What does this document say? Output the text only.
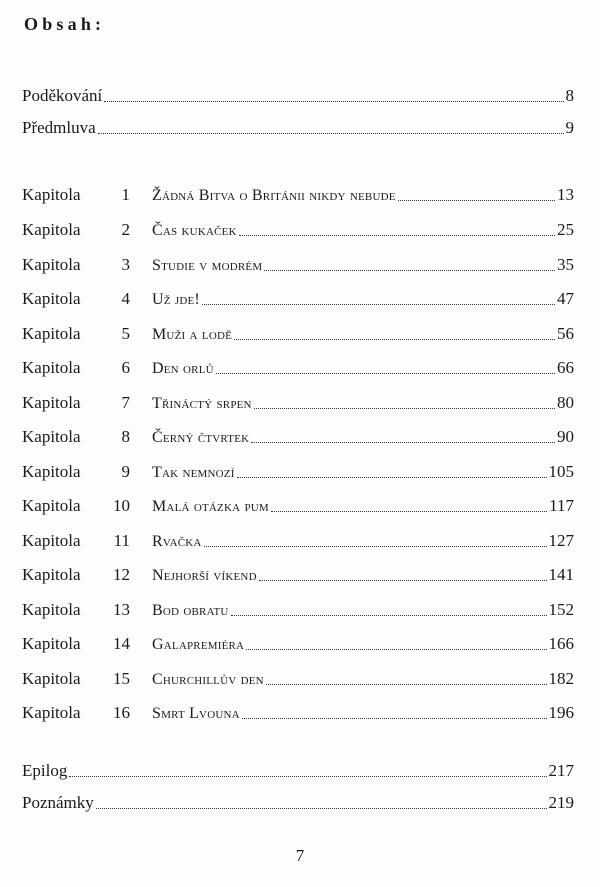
Obsah:
Poděkování	8
Předmluva	9
Kapitola 1 Žádná Bitva o Británii nikdy nebude	13
Kapitola 2 Čas kukaček	25
Kapitola 3 Studie v modrém	35
Kapitola 4 Už jde!	47
Kapitola 5 Muži a lodě	56
Kapitola 6 Den orlů	66
Kapitola 7 Třináctý srpen	80
Kapitola 8 Černý čtvrtek	90
Kapitola 9 Tak nemnozí	105
Kapitola 10 Malá otázka pum	117
Kapitola 11 Rvačka	127
Kapitola 12 Nejhorší víkend	141
Kapitola 13 Bod obratu	152
Kapitola 14 Galapremiéra	166
Kapitola 15 Churchillův den	182
Kapitola 16 Smrt Lvouna	196
Epilog	217
Poznámky	219
7
